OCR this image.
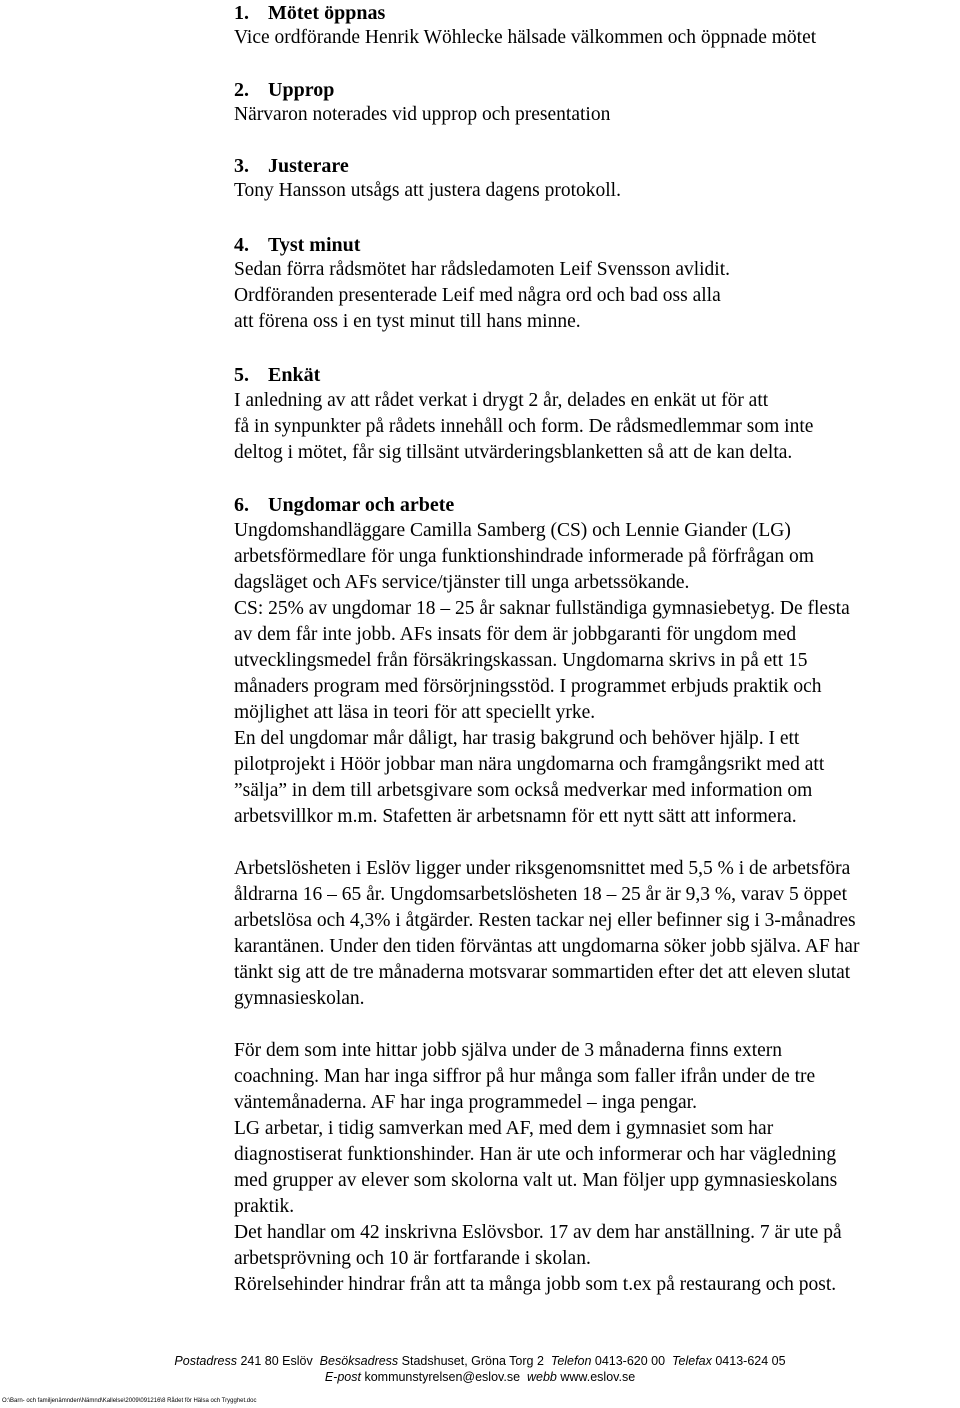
1. Mötet öppnas
Vice ordförande Henrik Wöhlecke hälsade välkommen och öppnade mötet
2. Upprop
Närvaron noterades vid upprop och presentation
3. Justerare
Tony Hansson utsågs att justera dagens protokoll.
4. Tyst minut
Sedan förra rådsmötet har rådsledamoten Leif Svensson avlidit.
Ordföranden presenterade Leif med några ord och bad oss alla
att förena oss i en tyst minut till hans minne.
5. Enkät
I anledning av att rådet verkat i drygt 2 år, delades en enkät ut för att
få in synpunkter på rådets innehåll och form. De rådsmedlemmar som inte
deltog i mötet, får sig tillsänt utvärderingsblanketten så att de kan delta.
6. Ungdomar och arbete
Ungdomshandläggare Camilla Samberg (CS) och Lennie Giander (LG)
arbetsförmedlare för unga funktionshindrade informerade på förfrågan om
dagsläget och AFs service/tjänster till unga arbetssökande.
CS: 25% av ungdomar 18 – 25 år saknar fullständiga gymnasiebetyg. De flesta
av dem får inte jobb. AFs insats för dem är jobbgaranti för ungdom med
utvecklingsmedel från försäkringskassan. Ungdomarna skrivs in på ett 15
månaders program med försörjningsstöd. I programmet erbjuds praktik och
möjlighet att läsa in teori för att speciellt yrke.
En del ungdomar mår dåligt, har trasig bakgrund och behöver hjälp. I ett
pilotprojekt i Höör jobbar man nära ungdomarna och framgångsrikt med att
”sälja” in dem till arbetsgivare som också medverkar med information om
arbetsvillkor m.m. Stafetten är arbetsnamn för ett nytt sätt att informera.
Arbetslösheten i Eslöv ligger under riksgenomsnittet med 5,5 % i de arbetsföra
åldrarna 16 – 65 år. Ungdomsarbetslösheten 18 – 25 år är 9,3 %, varav 5 öppet
arbetslösa och 4,3% i åtgärder. Resten tackar nej eller befinner sig i 3-månadres
karantänen. Under den tiden förväntas att ungdomarna söker jobb själva. AF har
tänkt sig att de tre månaderna motsvarar sommartiden efter det att eleven slutat
gymnasieskolan.
För dem som inte hittar jobb själva under de 3 månaderna finns extern
coachning. Man har inga siffror på hur många som faller ifrån under de tre
väntemånaderna. AF har inga programmedel – inga pengar.
LG arbetar, i tidig samverkan med AF, med dem i gymnasiet som har
diagnostiserat funktionshinder. Han är ute och informerar och har vägledning
med grupper av elever som skolorna valt ut. Man följer upp gymnasieskolans
praktik.
Det handlar om 42 inskrivna Eslövsbor. 17 av dem har anställning. 7 är ute på
arbetsprövning och 10 är fortfarande i skolan.
Rörelsehinder hindrar från att ta många jobb som t.ex på restaurang och post.
Postadress 241 80 Eslöv Besöksadress Stadshuset, Gröna Torg 2 Telefon 0413-620 00 Telefax 0413-624 05
E-post kommunstyrelsen@eslov.se webb www.eslov.se
O:\Barn- och familjenämnden\Nämnd\Kallelse\2009\091216\8 Rådet för Hälsa och Trygghet.doc
